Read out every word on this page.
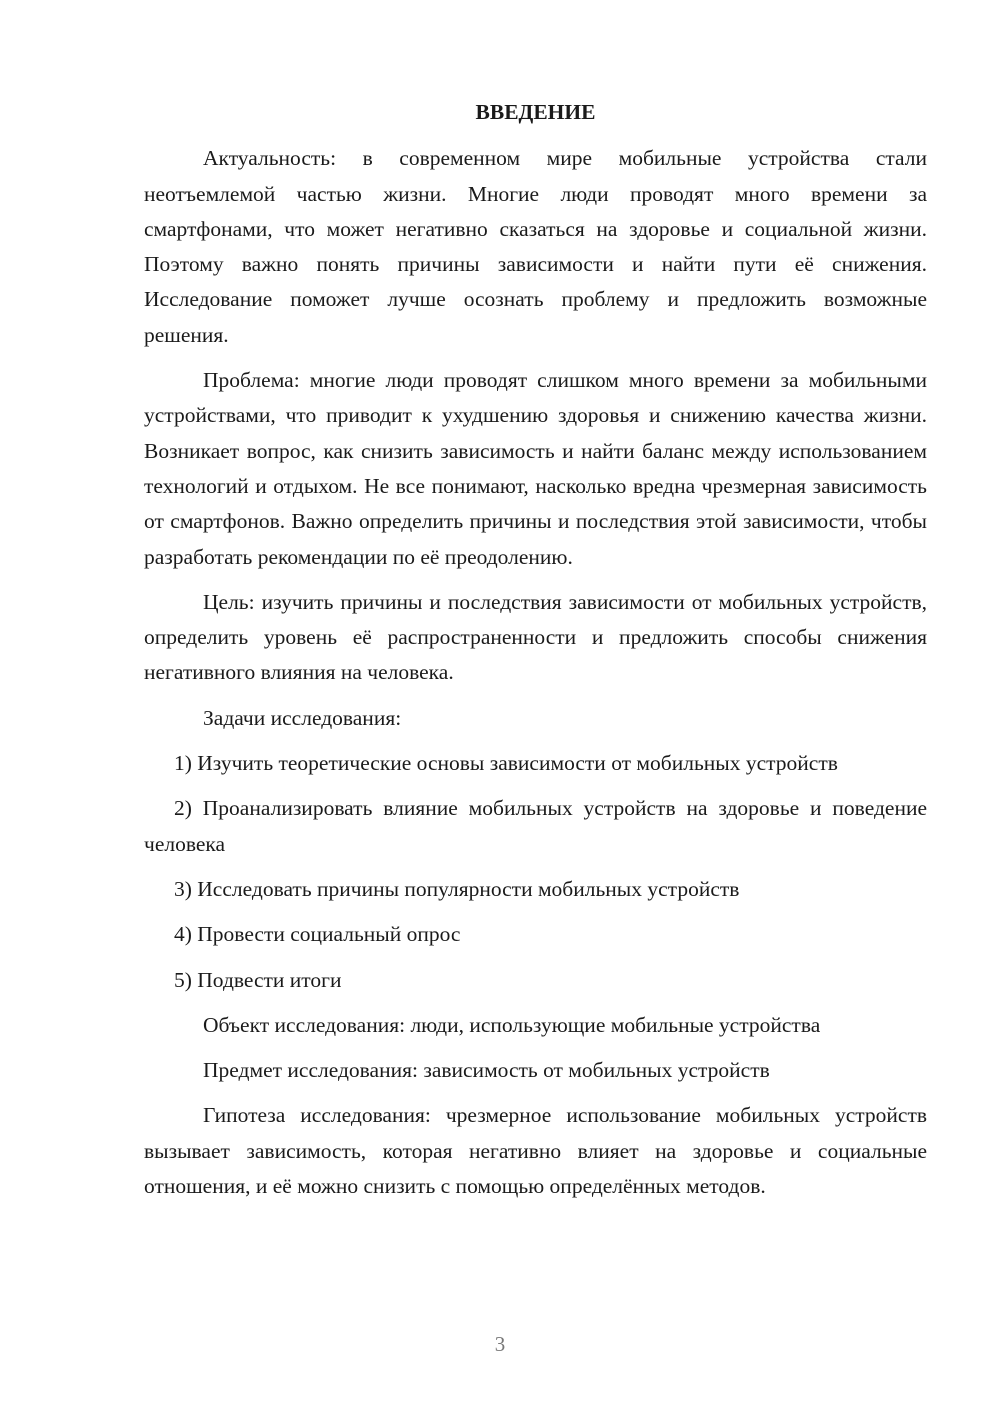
ВВЕДЕНИЕ

Актуальность: в современном мире мобильные устройства стали неотъемлемой частью жизни. Многие люди проводят много времени за смартфонами, что может негативно сказаться на здоровье и социальной жизни. Поэтому важно понять причины зависимости и найти пути её снижения. Исследование поможет лучше осознать проблему и предложить возможные решения.

Проблема: многие люди проводят слишком много времени за мобильными устройствами, что приводит к ухудшению здоровья и снижению качества жизни. Возникает вопрос, как снизить зависимость и найти баланс между использованием технологий и отдыхом. Не все понимают, насколько вредна чрезмерная зависимость от смартфонов. Важно определить причины и последствия этой зависимости, чтобы разработать рекомендации по её преодолению.

Цель: изучить причины и последствия зависимости от мобильных устройств, определить уровень её распространенности и предложить способы снижения негативного влияния на человека.

Задачи исследования:

1) Изучить теоретические основы зависимости от мобильных устройств

2) Проанализировать влияние мобильных устройств на здоровье и поведение человека

3) Исследовать причины популярности мобильных устройств

4) Провести социальный опрос

5) Подвести итоги

Объект исследования: люди, использующие мобильные устройства

Предмет исследования: зависимость от мобильных устройств

Гипотеза исследования: чрезмерное использование мобильных устройств вызывает зависимость, которая негативно влияет на здоровье и социальные отношения, и её можно снизить с помощью определённых методов.

3
